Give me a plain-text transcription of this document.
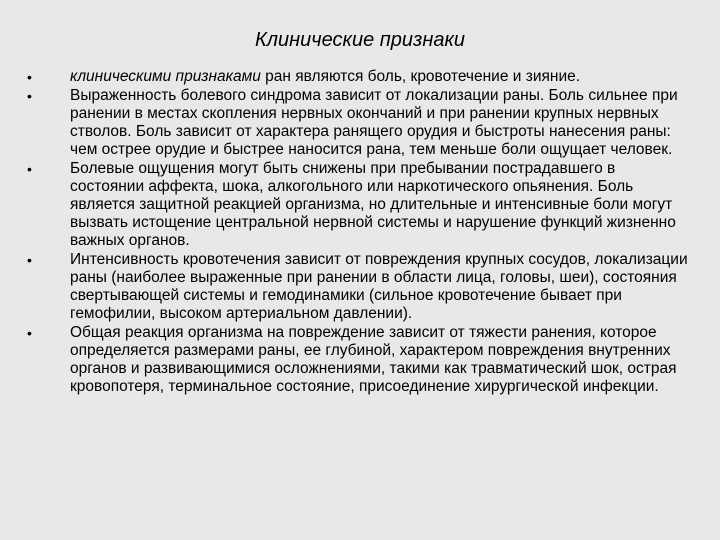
Клинические признаки
• клиническими признаками ран являются боль, кровотечение и зияние.
• Выраженность болевого синдрома зависит от локализации раны. Боль сильнее при ранении в местах скопления нервных окончаний и при ранении крупных нервных стволов. Боль зависит от характера ранящего орудия и быстроты нанесения раны: чем острее орудие и быстрее наносится рана, тем меньше боли ощущает человек.
• Болевые ощущения могут быть снижены при пребывании пострадавшего в состоянии аффекта, шока, алкогольного или наркотического опьянения. Боль является защитной реакцией организма, но длительные и интенсивные боли могут вызвать истощение центральной нервной системы и нарушение функций жизненно важных органов.
• Интенсивность кровотечения зависит от повреждения крупных сосудов, локализации раны (наиболее выраженные при ранении в области лица, головы, шеи), состояния свертывающей системы и гемодинамики (сильное кровотечение бывает при гемофилии, высоком артериальном давлении).
• Общая реакция организма на повреждение зависит от тяжести ранения, которое определяется размерами раны, ее глубиной, характером повреждения внутренних органов и развивающимися осложнениями, такими как травматический шок, острая кровопотеря, терминальное состояние, присоединение хирургической инфекции.
